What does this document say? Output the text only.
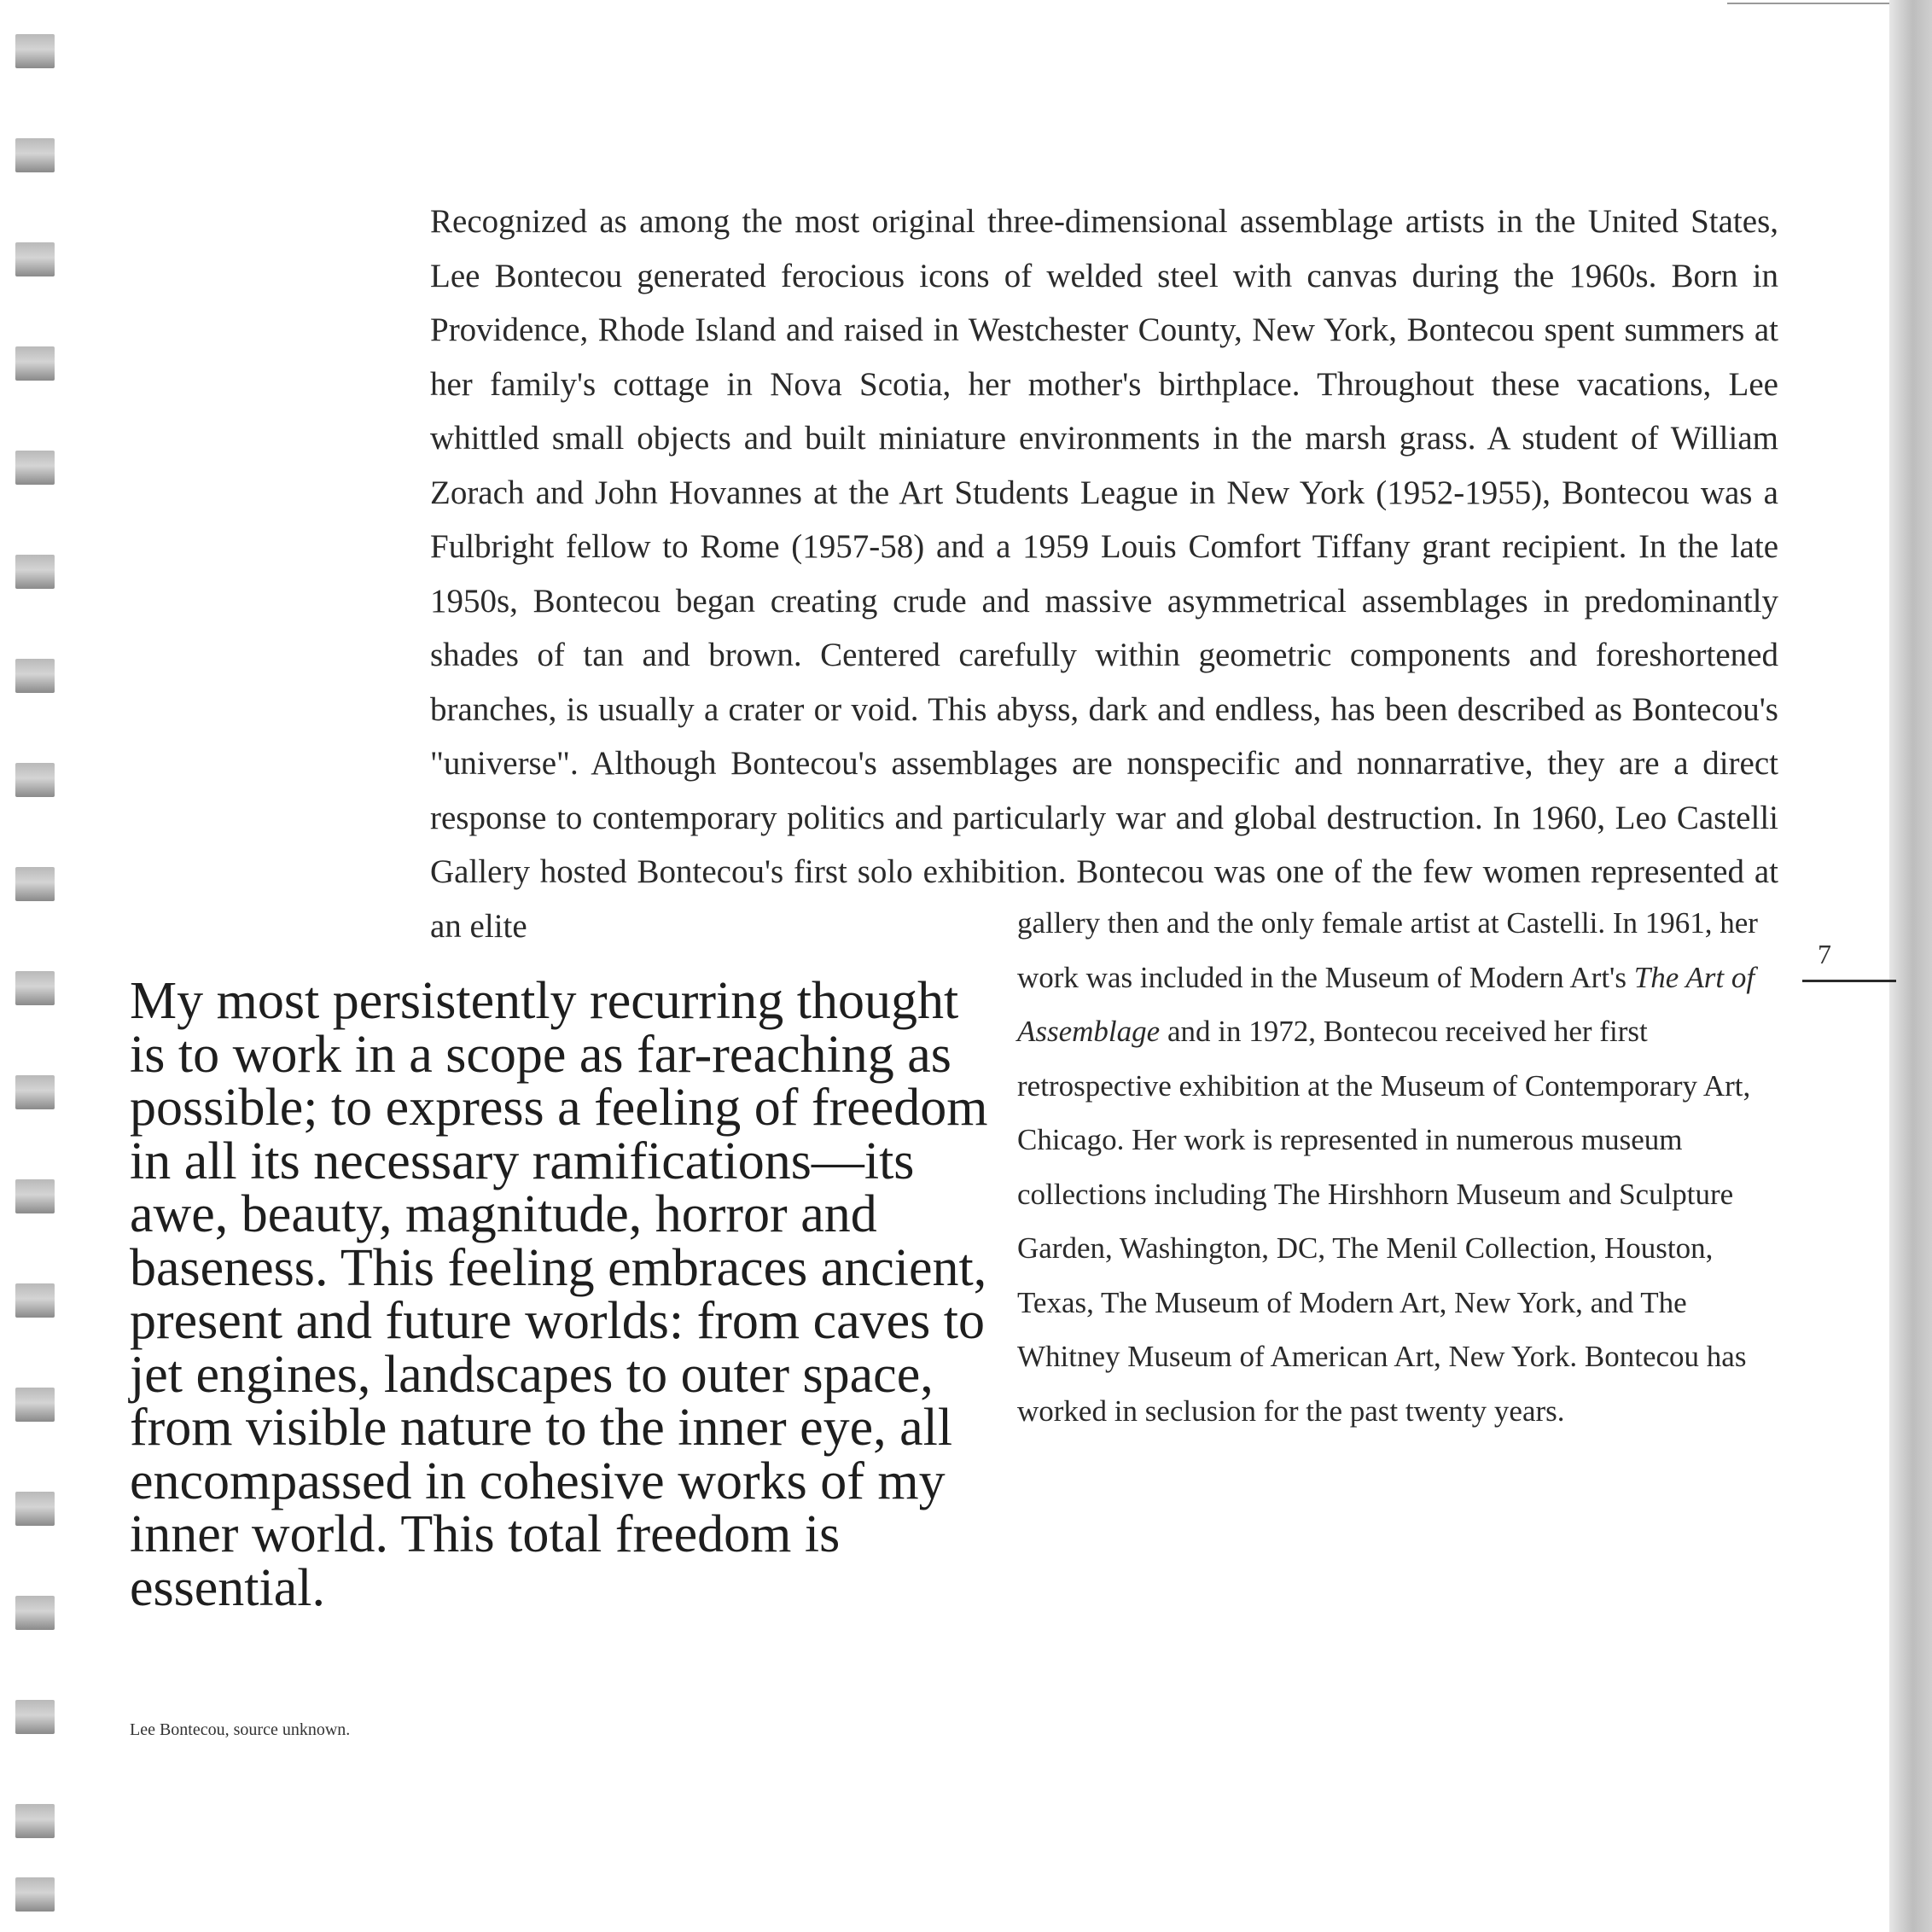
Recognized as among the most original three-dimensional assemblage artists in the United States, Lee Bontecou generated ferocious icons of welded steel with canvas during the 1960s. Born in Providence, Rhode Island and raised in Westchester County, New York, Bontecou spent summers at her family's cottage in Nova Scotia, her mother's birthplace. Throughout these vacations, Lee whittled small objects and built miniature environments in the marsh grass. A student of William Zorach and John Hovannes at the Art Students League in New York (1952-1955), Bontecou was a Fulbright fellow to Rome (1957-58) and a 1959 Louis Comfort Tiffany grant recipient. In the late 1950s, Bontecou began creating crude and massive asymmetrical assemblages in predominantly shades of tan and brown. Centered carefully within geometric components and foreshortened branches, is usually a crater or void. This abyss, dark and endless, has been described as Bontecou's "universe". Although Bontecou's assemblages are nonspecific and nonnarrative, they are a direct response to contemporary politics and particularly war and global destruction. In 1960, Leo Castelli Gallery hosted Bontecou's first solo exhibition. Bontecou was one of the few women represented at an elite	gallery then and the only female artist at Castelli. In 1961, her work was included in the Museum of Modern Art's The Art of Assemblage and in 1972, Bontecou received her first retrospective exhibition at the Museum of Contemporary Art, Chicago. Her work is represented in numerous museum collections including The Hirshhorn Museum and Sculpture Garden, Washington, DC, The Menil Collection, Houston, Texas, The Museum of Modern Art, New York, and The Whitney Museum of American Art, New York. Bontecou has worked in seclusion for the past twenty years.

My most persistently recurring thought is to work in a scope as far-reaching as possible; to express a feeling of freedom in all its necessary ramifications—its awe, beauty, magnitude, horror and baseness. This feeling embraces ancient, present and future worlds: from caves to jet engines, landscapes to outer space, from visible nature to the inner eye, all encompassed in cohesive works of my inner world. This total freedom is essential.

Lee Bontecou, source unknown.

7
